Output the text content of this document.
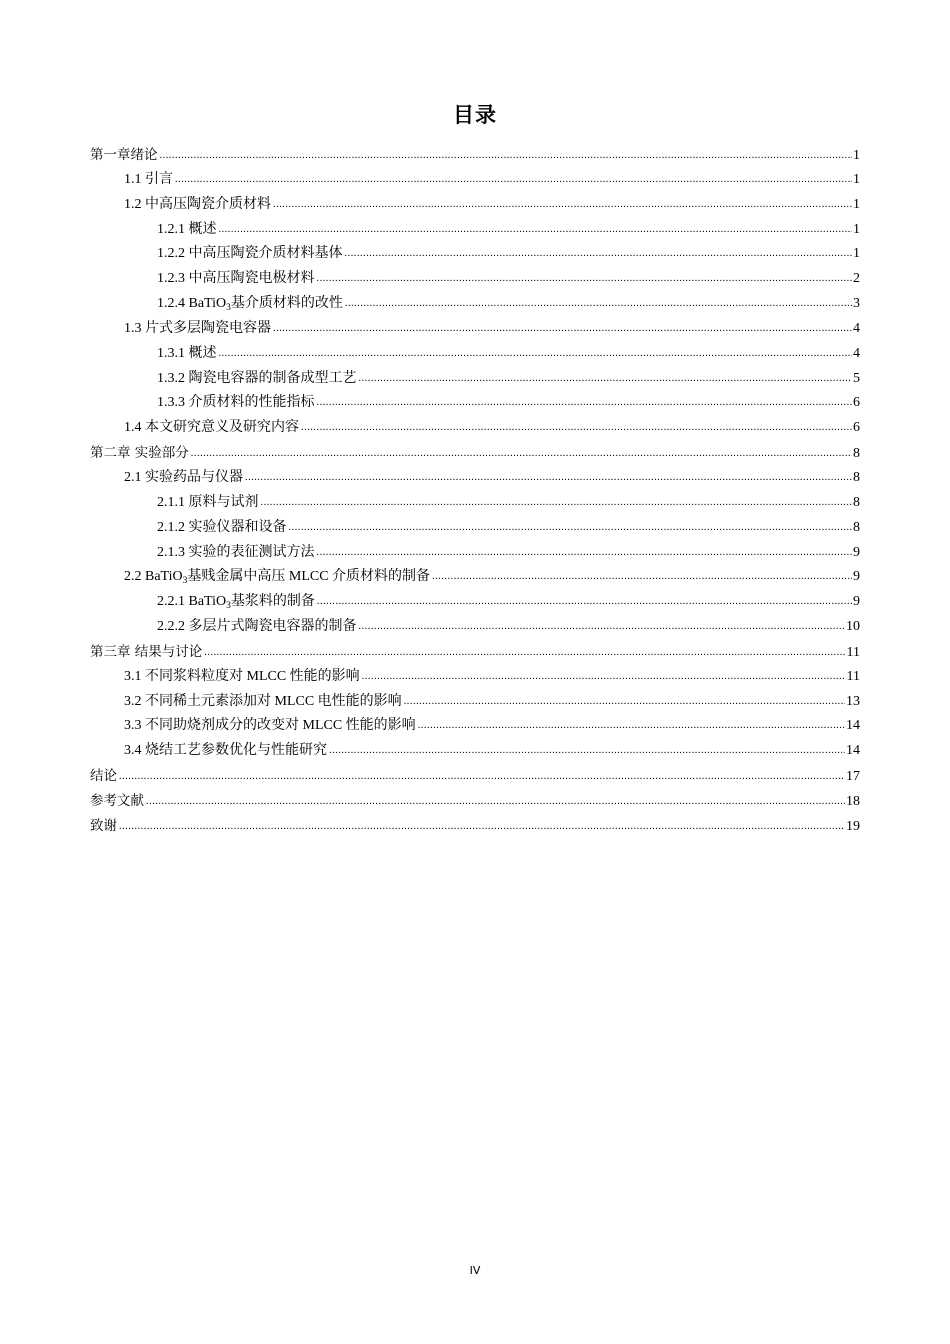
目录
第一章绪论 .....	1
1.1 引言 .....	1
1.2 中高压陶瓷介质材料 .....	1
1.2.1 概述 .....	1
1.2.2 中高压陶瓷介质材料基体 .....	1
1.2.3 中高压陶瓷电极材料 .....	2
1.2.4 BaTiO$_3$基介质材料的改性 .....	3
1.3 片式多层陶瓷电容器 .....	4
1.3.1 概述 .....	4
1.3.2 陶瓷电容器的制备成型工艺 .....	5
1.3.3 介质材料的性能指标 .....	6
1.4 本文研究意义及研究内容 .....	6
第二章 实验部分 .....	8
2.1 实验药品与仪器 .....	8
2.1.1 原料与试剂 .....	8
2.1.2 实验仪器和设备 .....	8
2.1.3 实验的表征测试方法 .....	9
2.2 BaTiO$_3$基贱金属中高压 MLCC 介质材料的制备 .....	9
2.2.1 BaTiO$_3$基浆料的制备 .....	9
2.2.2 多层片式陶瓷电容器的制备 .....	10
第三章 结果与讨论 .....	11
3.1 不同浆料粒度对 MLCC 性能的影响 .....	11
3.2 不同稀土元素添加对 MLCC 电性能的影响 .....	13
3.3 不同助烧剂成分的改变对 MLCC 性能的影响 .....	14
3.4 烧结工艺参数优化与性能研究 .....	14
结论 .....	17
参考文献 .....	18
致谢 .....	19
IV
